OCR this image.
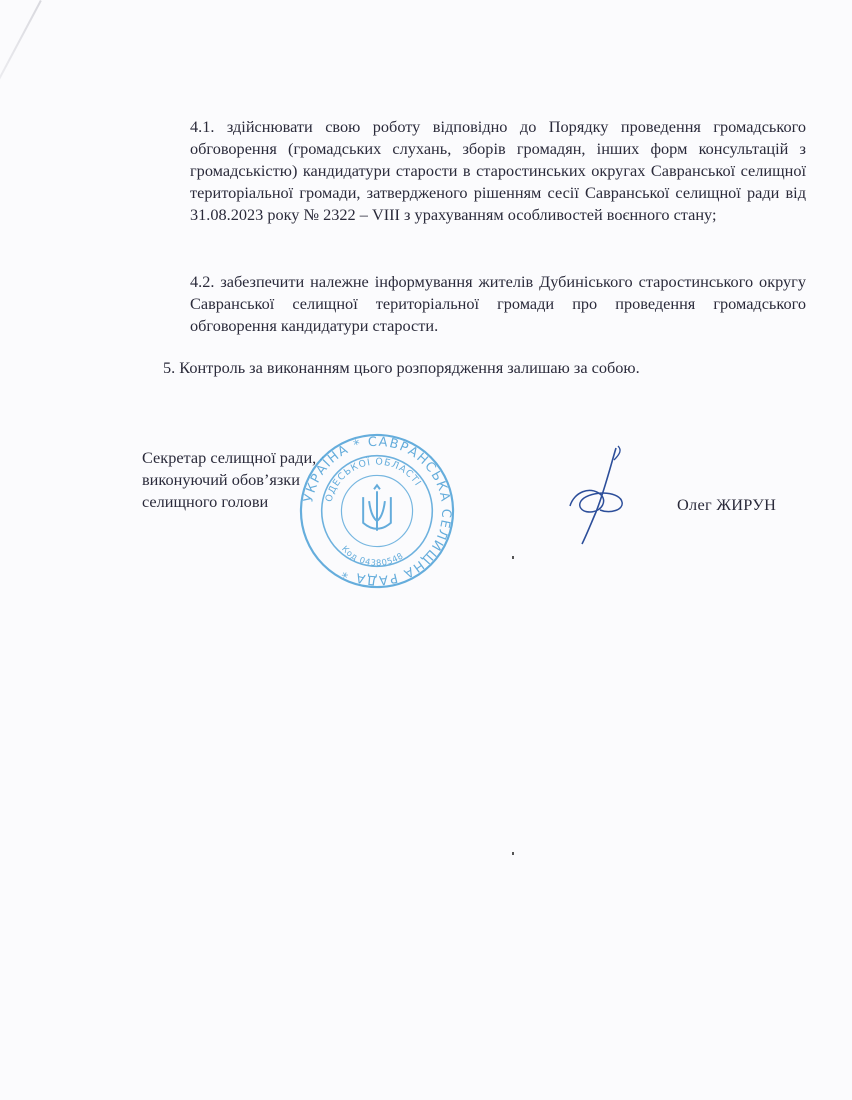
4.1. здійснювати свою роботу відповідно до Порядку проведення громадського обговорення (громадських слухань, зборів громадян, інших форм консультацій з громадськістю) кандидатури старости в старостинських округах Савранської селищної територіальної громади, затвердженого рішенням сесії Савранської селищної ради від 31.08.2023 року № 2322 – VIII з урахуванням особливостей воєнного стану;

4.2. забезпечити належне інформування жителів Дубиніського старостинського округу Савранської селищної територіальної громади про проведення громадського обговорення кандидатури старости.

5. Контроль за виконанням цього розпорядження залишаю за собою.

Секретар селищної ради,
виконуючий обов’язки
селищного голови	УКРАЇНА * САВРАНСЬКА СЕЛИЩНА РАДА *
ОДЕСЬКОЇ ОБЛАСТІ
Код 04380548
Олег ЖИРУН
